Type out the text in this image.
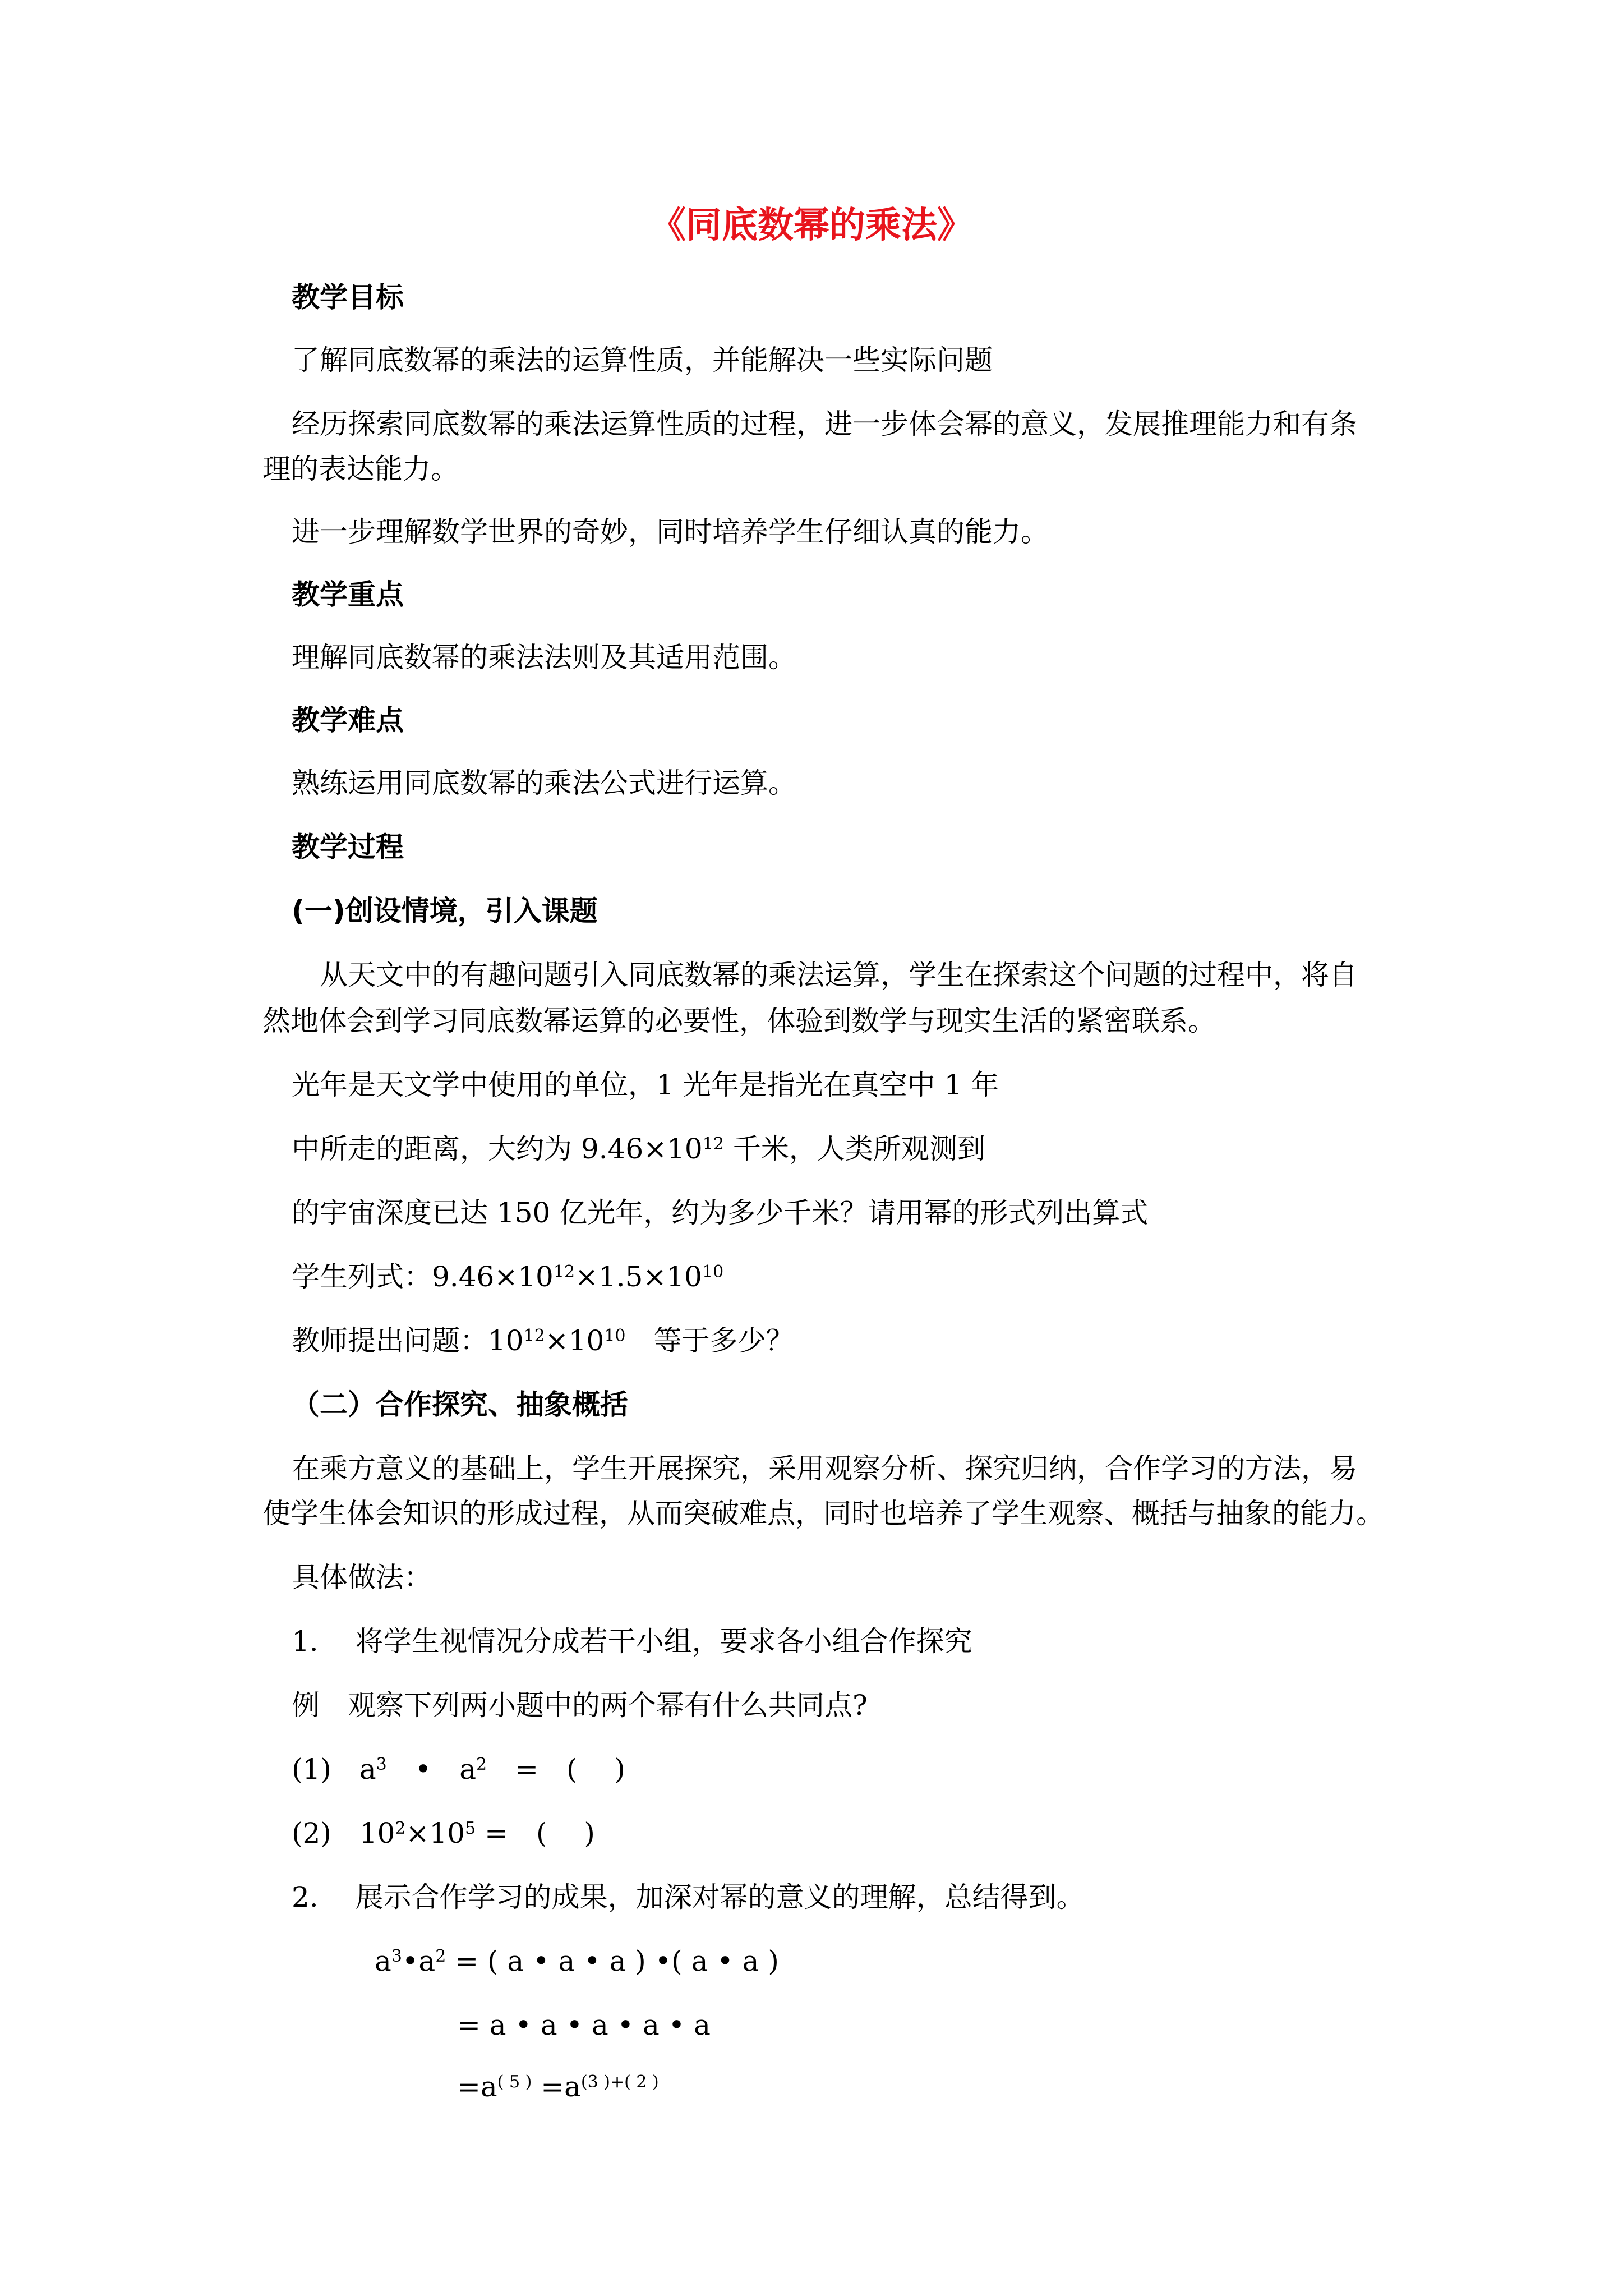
《同底数幂的乘法》
教学目标
了解同底数幂的乘法的运算性质，并能解决一些实际问题
经历探索同底数幂的乘法运算性质的过程，进一步体会幂的意义，发展推理能力和有条
理的表达能力。
进一步理解数学世界的奇妙，同时培养学生仔细认真的能力。
教学重点
理解同底数幂的乘法法则及其适用范围。
教学难点
熟练运用同底数幂的乘法公式进行运算。
教学过程
(一)创设情境，引入课题
从天文中的有趣问题引入同底数幂的乘法运算，学生在探索这个问题的过程中，将自
然地体会到学习同底数幂运算的必要性，体验到数学与现实生活的紧密联系。
光年是天文学中使用的单位，1 光年是指光在真空中 1 年
中所走的距离，大约为 $9.46\times 10^{12}$ 千米，人类所观测到
的宇宙深度已达 150 亿光年，约为多少千米？请用幂的形式列出算式
学生列式：$9.46\times 10^{12}\times 1.5\times 10^{10}$
教师提出问题：$10^{12}\times 10^{10}$　等于多少？
（二）合作探究、抽象概括
在乘方意义的基础上，学生开展探究，采用观察分析、探究归纳，合作学习的方法，易
使学生体会知识的形成过程，从而突破难点，同时也培养了学生观察、概括与抽象的能力。
具体做法：
1.　 将学生视情况分成若干小组，要求各小组合作探究
例　观察下列两小题中的两个幂有什么共同点?
(1)　$a^3$　•　$a^2$　=　(　 )
(2)　$10^2\times 10^5$ =　(　 )
2.　 展示合作学习的成果，加深对幂的意义的理解，总结得到。
$a^3•a^2$ = ( a • a • a ) •( a • a )
= a • a • a • a • a
$=a^{( 5 )} =a^{(3 )+( 2 )}$
